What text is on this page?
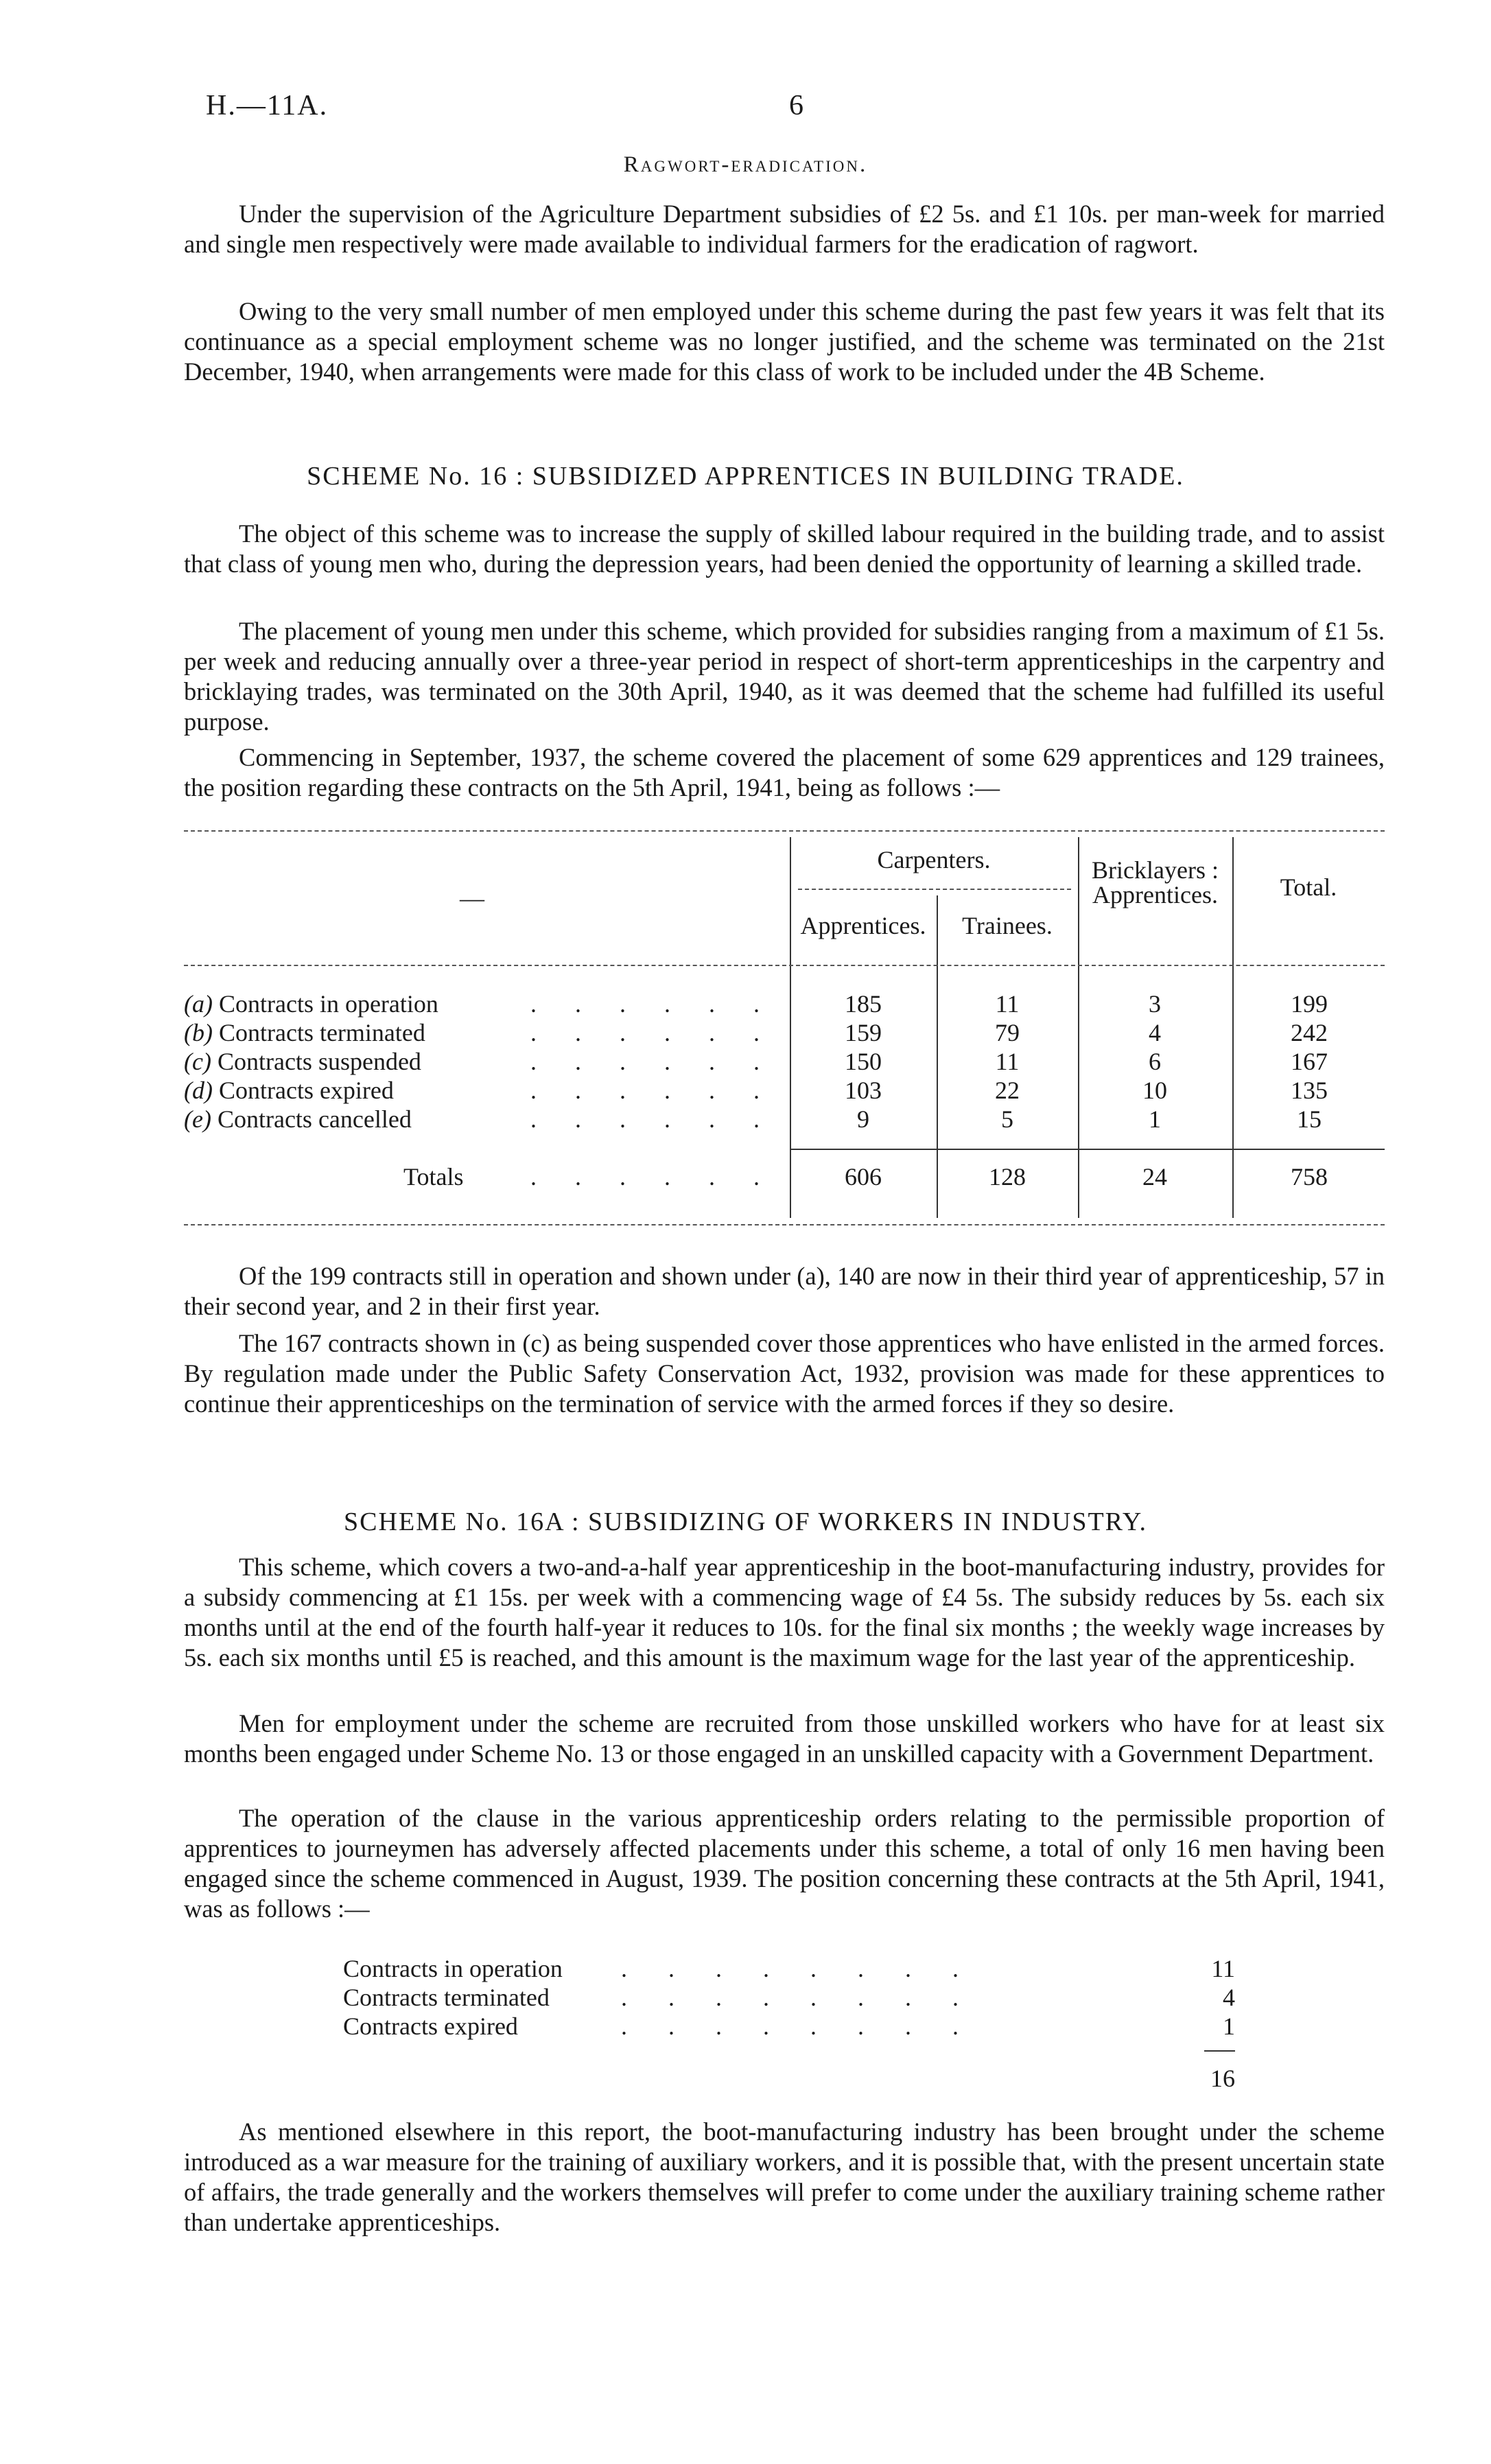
H.—11A.	6
Ragwort-eradication.

Under the supervision of the Agriculture Department subsidies of £2 5s. and £1 10s. per man-week for married and single men respectively were made available to individual farmers for the eradication of ragwort.

Owing to the very small number of men employed under this scheme during the past few years it was felt that its continuance as a special employment scheme was no longer justified, and the scheme was terminated on the 21st December, 1940, when arrangements were made for this class of work to be included under the 4B Scheme.

SCHEME No. 16 : SUBSIDIZED APPRENTICES IN BUILDING TRADE.

The object of this scheme was to increase the supply of skilled labour required in the building trade, and to assist that class of young men who, during the depression years, had been denied the opportunity of learning a skilled trade.

The placement of young men under this scheme, which provided for subsidies ranging from a maximum of £1 5s. per week and reducing annually over a three-year period in respect of short-term apprenticeships in the carpentry and bricklaying trades, was terminated on the 30th April, 1940, as it was deemed that the scheme had fulfilled its useful purpose.

Commencing in September, 1937, the scheme covered the placement of some 629 apprentices and 129 trainees, the position regarding these contracts on the 5th April, 1941, being as follows :—

—
Carpenters.
Apprentices.	Trainees.
Bricklayers : Apprentices.	Total.
(a) Contracts in operation	......	185	11	3	199
(b) Contracts terminated	......	159	79	4	242
(c) Contracts suspended	......	150	11	6	167
(d) Contracts expired	......	103	22	10	135
(e) Contracts cancelled	......	9	5	1	15
Totals	......	606	128	24	758

Of the 199 contracts still in operation and shown under (a), 140 are now in their third year of apprenticeship, 57 in their second year, and 2 in their first year.

The 167 contracts shown in (c) as being suspended cover those apprentices who have enlisted in the armed forces. By regulation made under the Public Safety Conservation Act, 1932, provision was made for these apprentices to continue their apprenticeships on the termination of service with the armed forces if they so desire.

SCHEME No. 16A : SUBSIDIZING OF WORKERS IN INDUSTRY.

This scheme, which covers a two-and-a-half year apprenticeship in the boot-manufacturing industry, provides for a subsidy commencing at £1 15s. per week with a commencing wage of £4 5s. The subsidy reduces by 5s. each six months until at the end of the fourth half-year it reduces to 10s. for the final six months ; the weekly wage increases by 5s. each six months until £5 is reached, and this amount is the maximum wage for the last year of the apprenticeship.

Men for employment under the scheme are recruited from those unskilled workers who have for at least six months been engaged under Scheme No. 13 or those engaged in an unskilled capacity with a Government Department.

The operation of the clause in the various apprenticeship orders relating to the permissible proportion of apprentices to journeymen has adversely affected placements under this scheme, a total of only 16 men having been engaged since the scheme commenced in August, 1939. The position concerning these contracts at the 5th April, 1941, was as follows :—

Contracts in operation ........	11
Contracts terminated	........	4
Contracts expired	........	1
16

As mentioned elsewhere in this report, the boot-manufacturing industry has been brought under the scheme introduced as a war measure for the training of auxiliary workers, and it is possible that, with the present uncertain state of affairs, the trade generally and the workers themselves will prefer to come under the auxiliary training scheme rather than undertake apprenticeships.
